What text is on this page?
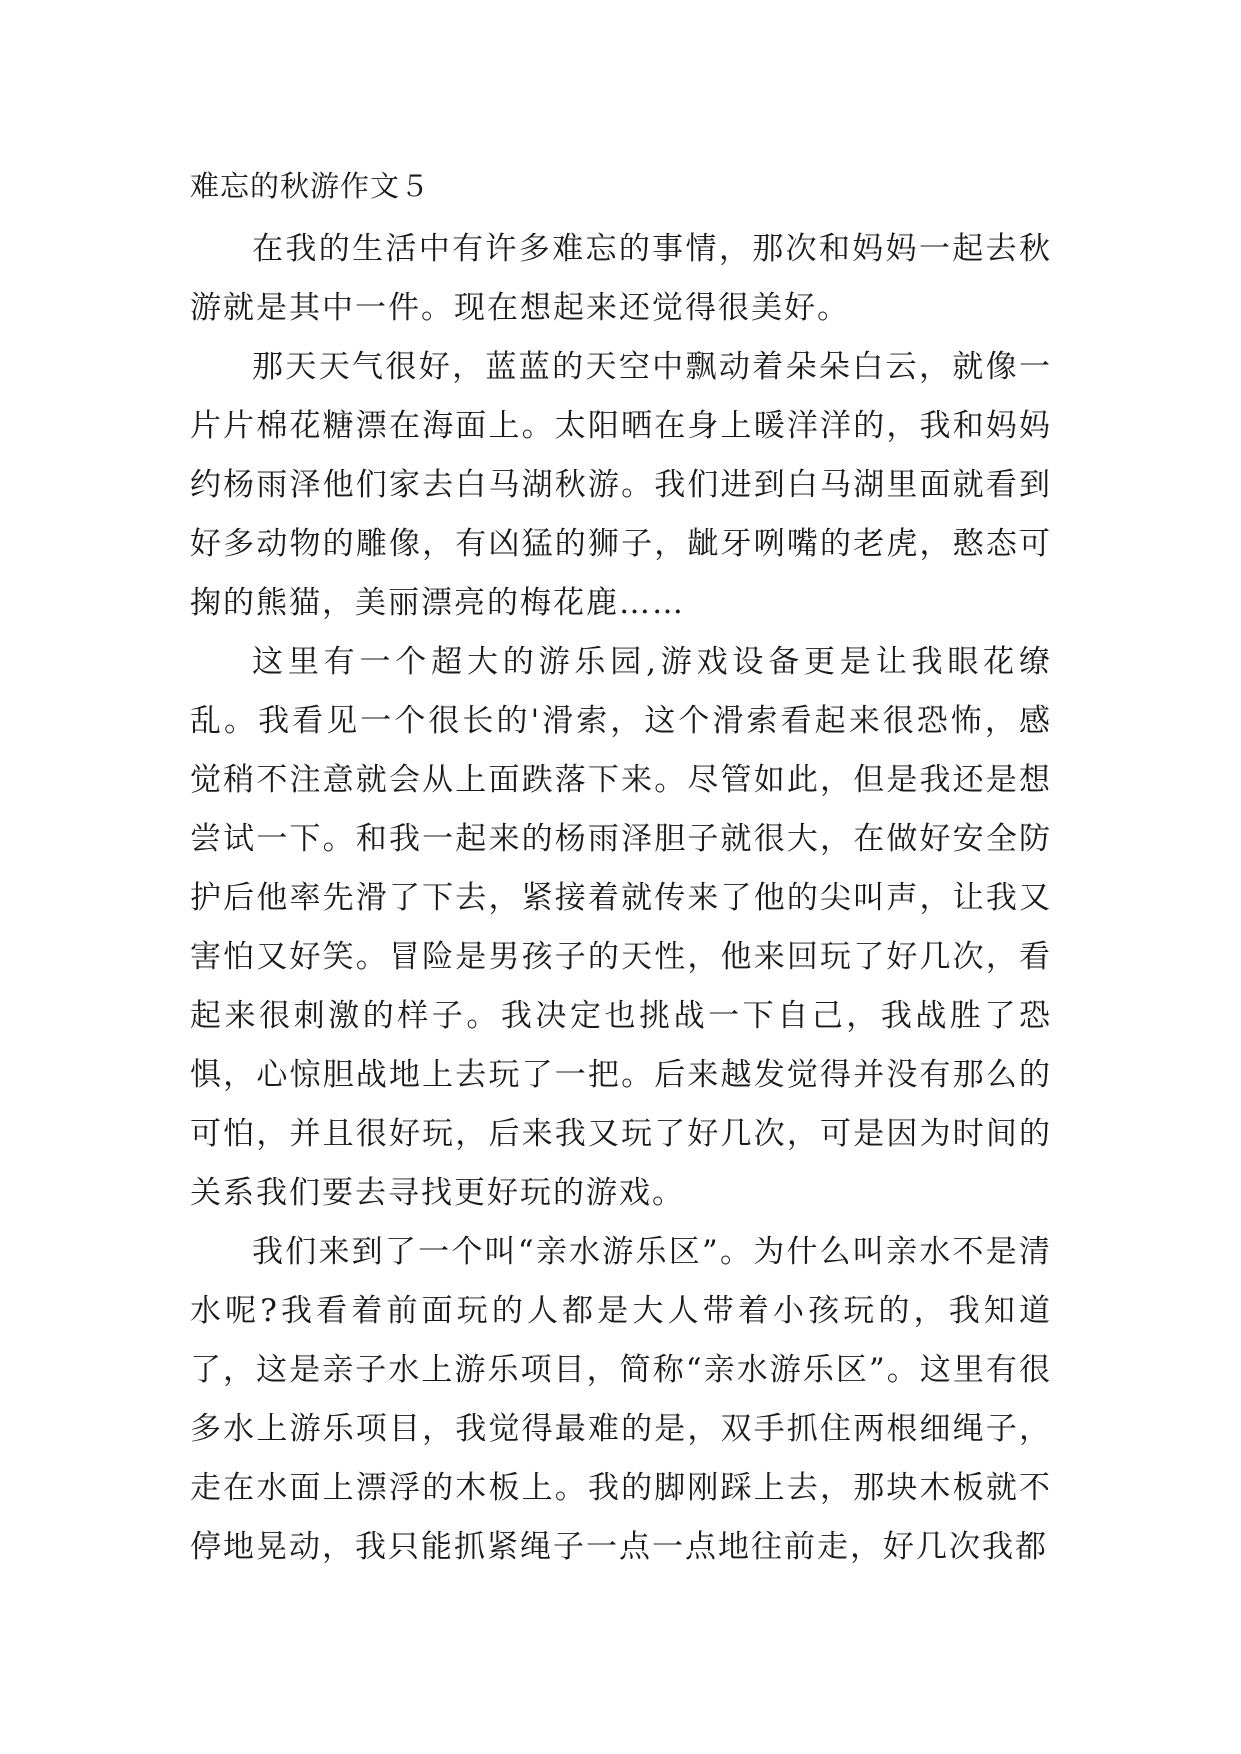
难忘的秋游作文５

在我的生活中有许多难忘的事情，那次和妈妈一起去秋游就是其中一件。现在想起来还觉得很美好。

那天天气很好，蓝蓝的天空中飘动着朵朵白云，就像一片片棉花糖漂在海面上。太阳晒在身上暖洋洋的，我和妈妈约杨雨泽他们家去白马湖秋游。我们进到白马湖里面就看到好多动物的雕像，有凶猛的狮子，龇牙咧嘴的老虎，憨态可掬的熊猫，美丽漂亮的梅花鹿……

这里有一个超大的游乐园,游戏设备更是让我眼花缭乱。我看见一个很长的'滑索，这个滑索看起来很恐怖，感觉稍不注意就会从上面跌落下来。尽管如此，但是我还是想尝试一下。和我一起来的杨雨泽胆子就很大，在做好安全防护后他率先滑了下去，紧接着就传来了他的尖叫声，让我又害怕又好笑。冒险是男孩子的天性，他来回玩了好几次，看起来很刺激的样子。我决定也挑战一下自己，我战胜了恐惧，心惊胆战地上去玩了一把。后来越发觉得并没有那么的可怕，并且很好玩，后来我又玩了好几次，可是因为时间的关系我们要去寻找更好玩的游戏。

我们来到了一个叫“亲水游乐区”。为什么叫亲水不是清水呢?我看着前面玩的人都是大人带着小孩玩的，我知道了，这是亲子水上游乐项目，简称“亲水游乐区”。这里有很多水上游乐项目，我觉得最难的是，双手抓住两根细绳子，走在水面上漂浮的木板上。我的脚刚踩上去，那块木板就不停地晃动，我只能抓紧绳子一点一点地往前走，好几次我都
